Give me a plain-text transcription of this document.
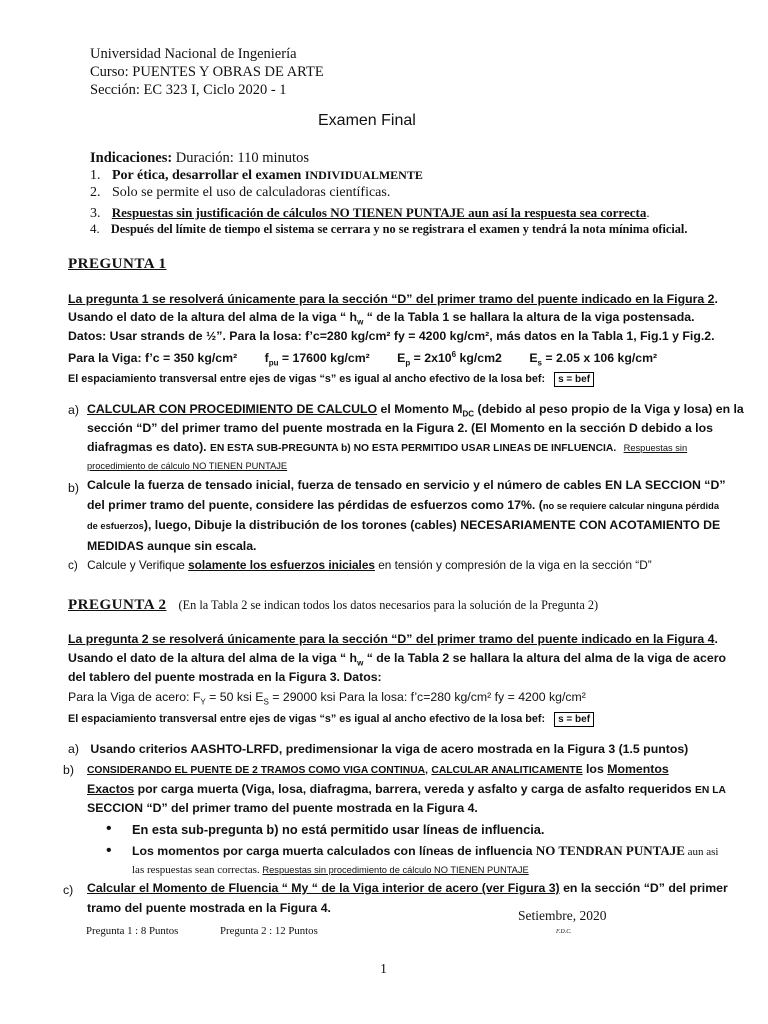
Universidad Nacional de Ingeniería
Curso: PUENTES Y OBRAS DE ARTE
Sección: EC 323 I, Ciclo 2020 - 1
Examen Final
Indicaciones: Duración: 110 minutos
1. Por ética, desarrollar el examen INDIVIDUALMENTE
2. Solo se permite el uso de calculadoras científicas.
3. Respuestas sin justificación de cálculos NO TIENEN PUNTAJE aun así la respuesta sea correcta.
4. Después del límite de tiempo el sistema se cerrara y no se registrara el examen y tendrá la nota mínima oficial.
PREGUNTA 1
La pregunta 1 se resolverá únicamente para la sección “D” del primer tramo del puente indicado en la Figura 2.
Usando el dato de la altura del alma de la viga “ $h_w$ “ de la Tabla 1 se hallara la altura de la viga postensada.
Datos: Usar strands de ½”. Para la losa: f’c=280 kg/cm² fy = 4200 kg/cm², más datos en la Tabla 1, Fig.1 y Fig.2.
Para la Viga: f’c = 350 kg/cm² $f_{pu} = 17600$ kg/cm² $E_p = 2x10^6$ kg/cm2 $E_s = 2.05$ x 106 kg/cm²
El espaciamiento transversal entre ejes de vigas “s” es igual al ancho efectivo de la losa bef: s = bef
a) CALCULAR CON PROCEDIMIENTO DE CALCULO el Momento $M_{DC}$ (debido al peso propio de la Viga y losa) en la
sección “D” del primer tramo del puente mostrada en la Figura 2. (El Momento en la sección D debido a los
diafragmas es dato). EN ESTA SUB-PREGUNTA b) NO ESTA PERMITIDO USAR LINEAS DE INFLUENCIA. Respuestas sin
procedimiento de cálculo NO TIENEN PUNTAJE
b) Calcule la fuerza de tensado inicial, fuerza de tensado en servicio y el número de cables EN LA SECCION “D”
del primer tramo del puente, considere las pérdidas de esfuerzos como 17%. (no se requiere calcular ninguna pérdida
de esfuerzos), luego, Dibuje la distribución de los torones (cables) NECESARIAMENTE CON ACOTAMIENTO DE
MEDIDAS aunque sin escala.
c) Calcule y Verifique solamente los esfuerzos iniciales en tensión y compresión de la viga en la sección “D”
PREGUNTA 2 (En la Tabla 2 se indican todos los datos necesarios para la solución de la Pregunta 2)
La pregunta 2 se resolverá únicamente para la sección “D” del primer tramo del puente indicado en la Figura 4.
Usando el dato de la altura del alma de la viga “ $h_w$ “ de la Tabla 2 se hallara la altura del alma de la viga de acero
del tablero del puente mostrada en la Figura 3. Datos:
Para la Viga de acero: $F_Y = 50$ ksi $E_S = 29000$ ksi Para la losa: f’c=280 kg/cm² fy = 4200 kg/cm²
El espaciamiento transversal entre ejes de vigas “s” es igual al ancho efectivo de la losa bef: s = bef
a) Usando criterios AASHTO-LRFD, predimensionar la viga de acero mostrada en la Figura 3 (1.5 puntos)
b) CONSIDERANDO EL PUENTE DE 2 TRAMOS COMO VIGA CONTINUA, CALCULAR ANALITICAMENTE los Momentos
Exactos por carga muerta (Viga, losa, diafragma, barrera, vereda y asfalto y carga de asfalto requeridos EN LA
SECCION “D” del primer tramo del puente mostrada en la Figura 4.
• En esta sub-pregunta b) no está permitido usar líneas de influencia.
• Los momentos por carga muerta calculados con líneas de influencia NO TENDRAN PUNTAJE aun asi
las respuestas sean correctas. Respuestas sin procedimiento de cálculo NO TIENEN PUNTAJE
c) Calcular el Momento de Fluencia “ My “ de la Viga interior de acero (ver Figura 3) en la sección “D” del primer
tramo del puente mostrada en la Figura 4.	Setiembre, 2020
F.D.C.
Pregunta 1 : 8 Puntos	Pregunta 2 : 12 Puntos
1
